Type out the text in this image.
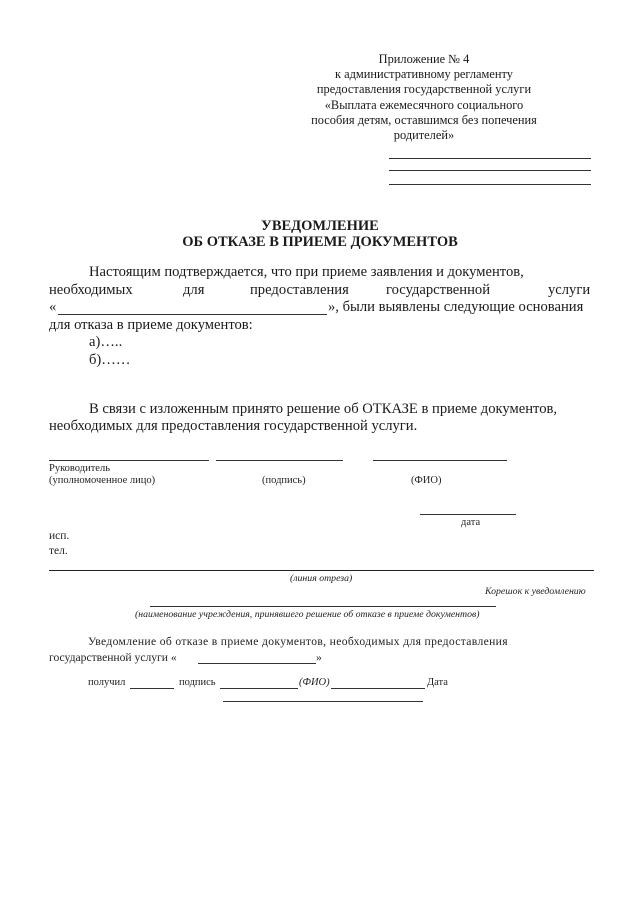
Приложение № 4
к административному регламенту
предоставления государственной услуги
«Выплата ежемесячного социального
пособия детям, оставшимся без попечения
родителей»
УВЕДОМЛЕНИЕ
ОБ ОТКАЗЕ В ПРИЕМЕ ДОКУМЕНТОВ
Настоящим подтверждается, что при приеме заявления и документов,
необходимых	для	предоставления	государственной	услуги
«	», были выявлены следующие основания
для отказа в приеме документов:
а)…..
б)……
В связи с изложенным принято решение об ОТКАЗЕ в приеме документов,
необходимых для предоставления государственной услуги.
Руководитель
(уполномоченное лицо)	(подпись)	(ФИО)
дата
исп.
тел.
(линия отреза)
Корешок к уведомлению
(наименование учреждения, принявшего решение об отказе в приеме документов)
Уведомление об отказе в приеме документов, необходимых для предоставления
государственной услуги «	»
получил	подпись	(ФИО)	Дата
